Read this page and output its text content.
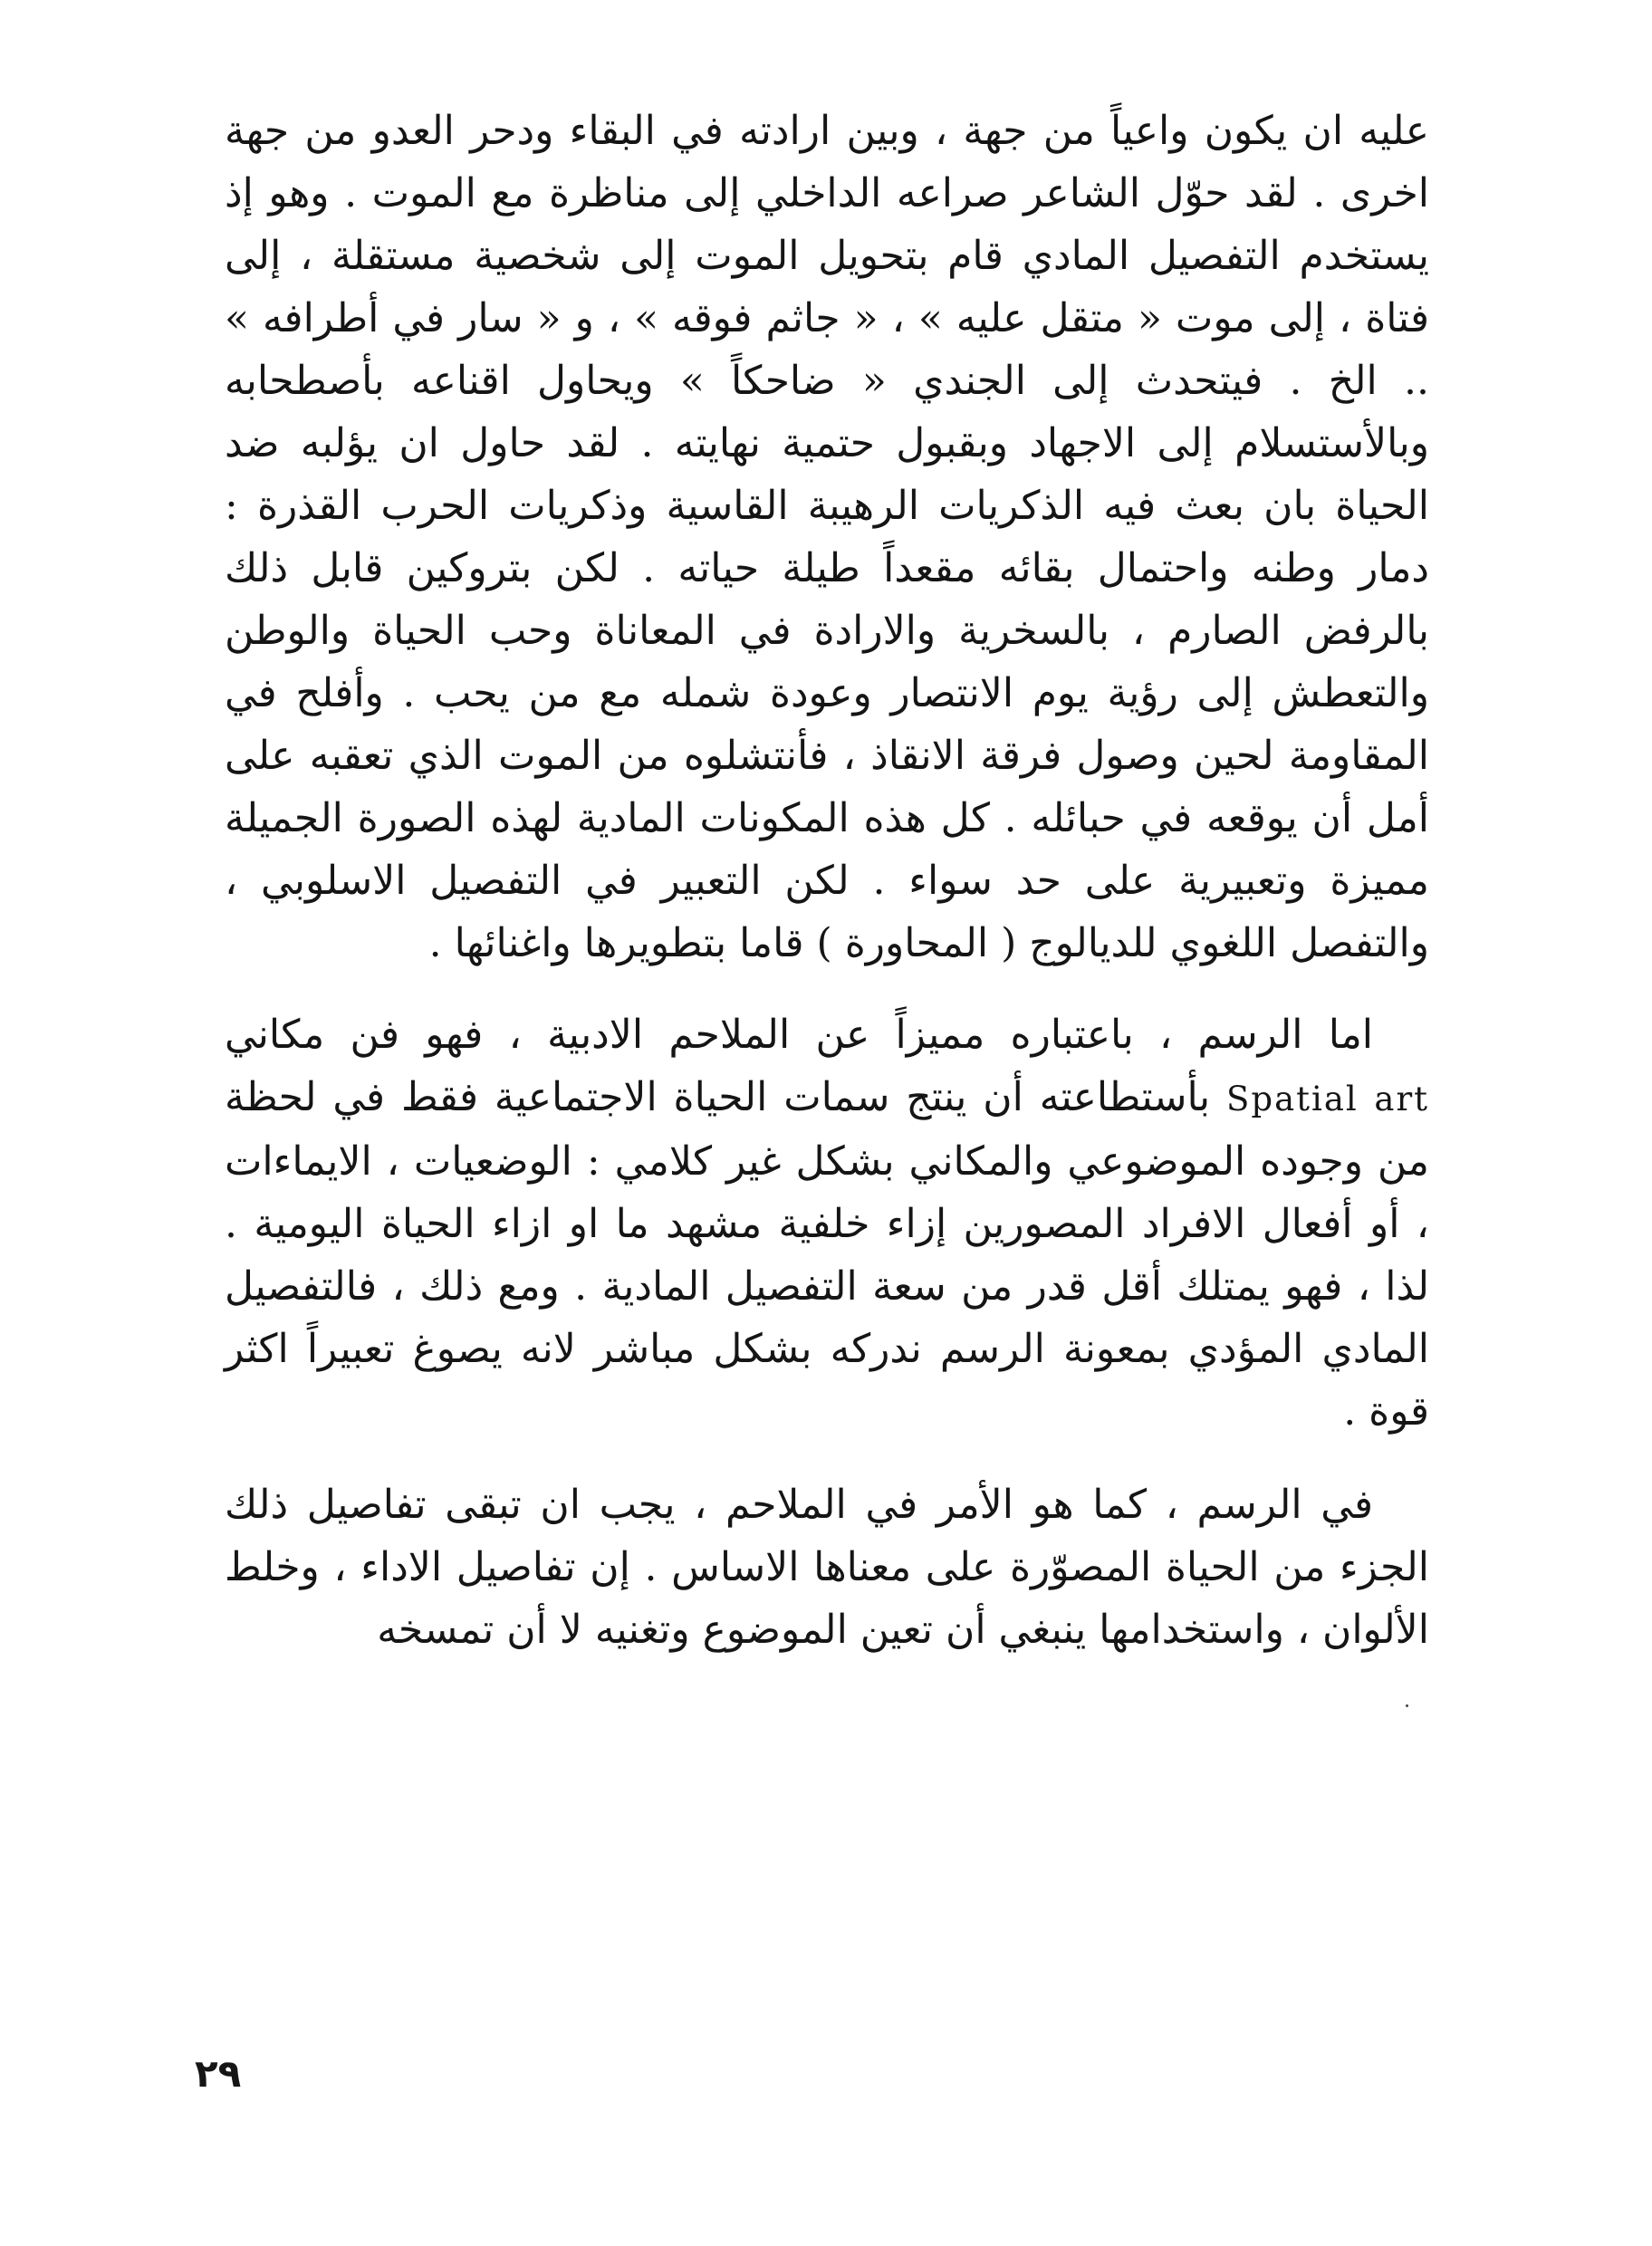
عليه ان يكون واعياً من جهة ، وبين ارادته في البقاء ودحر العدو من جهة اخرى . لقد حوّل الشاعر صراعه الداخلي إلى مناظرة مع الموت . وهو إذ يستخدم التفصيل المادي قام بتحويل الموت إلى شخصية مستقلة ، إلى فتاة ، إلى موت « متقل عليه » ، « جاثم فوقه » ، و « سار في أطرافه » .. الخ . فيتحدث إلى الجندي « ضاحكاً » ويحاول اقناعه بأصطحابه وبالأستسلام إلى الاجهاد وبقبول حتمية نهايته . لقد حاول ان يؤلبه ضد الحياة بان بعث فيه الذكريات الرهيبة القاسية وذكريات الحرب القذرة : دمار وطنه واحتمال بقائه مقعداً طيلة حياته . لكن بتروكين قابل ذلك بالرفض الصارم ، بالسخرية والارادة في المعاناة وحب الحياة والوطن والتعطش إلى رؤية يوم الانتصار وعودة شمله مع من يحب . وأفلح في المقاومة لحين وصول فرقة الانقاذ ، فأنتشلوه من الموت الذي تعقبه على أمل أن يوقعه في حبائله . كل هذه المكونات المادية لهذه الصورة الجميلة مميزة وتعبيرية على حد سواء . لكن التعبير في التفصيل الاسلوبي ، والتفصل اللغوي للديالوج ( المحاورة ) قاما بتطويرها واغنائها .

اما الرسم ، باعتباره مميزاً عن الملاحم الادبية ، فهو فن مكاني Spatial art بأستطاعته أن ينتج سمات الحياة الاجتماعية فقط في لحظة من وجوده الموضوعي والمكاني بشكل غير كلامي : الوضعيات ، الايماءات ، أو أفعال الافراد المصورين إزاء خلفية مشهد ما او ازاء الحياة اليومية . لذا ، فهو يمتلك أقل قدر من سعة التفصيل المادية . ومع ذلك ، فالتفصيل المادي المؤدي بمعونة الرسم ندركه بشكل مباشر لانه يصوغ تعبيراً اكثر قوة .

في الرسم ، كما هو الأمر في الملاحم ، يجب ان تبقى تفاصيل ذلك الجزء من الحياة المصوّرة على معناها الاساس . إن تفاصيل الاداء ، وخلط الألوان ، واستخدامها ينبغي أن تعين الموضوع وتغنيه لا أن تمسخه

٢٩
